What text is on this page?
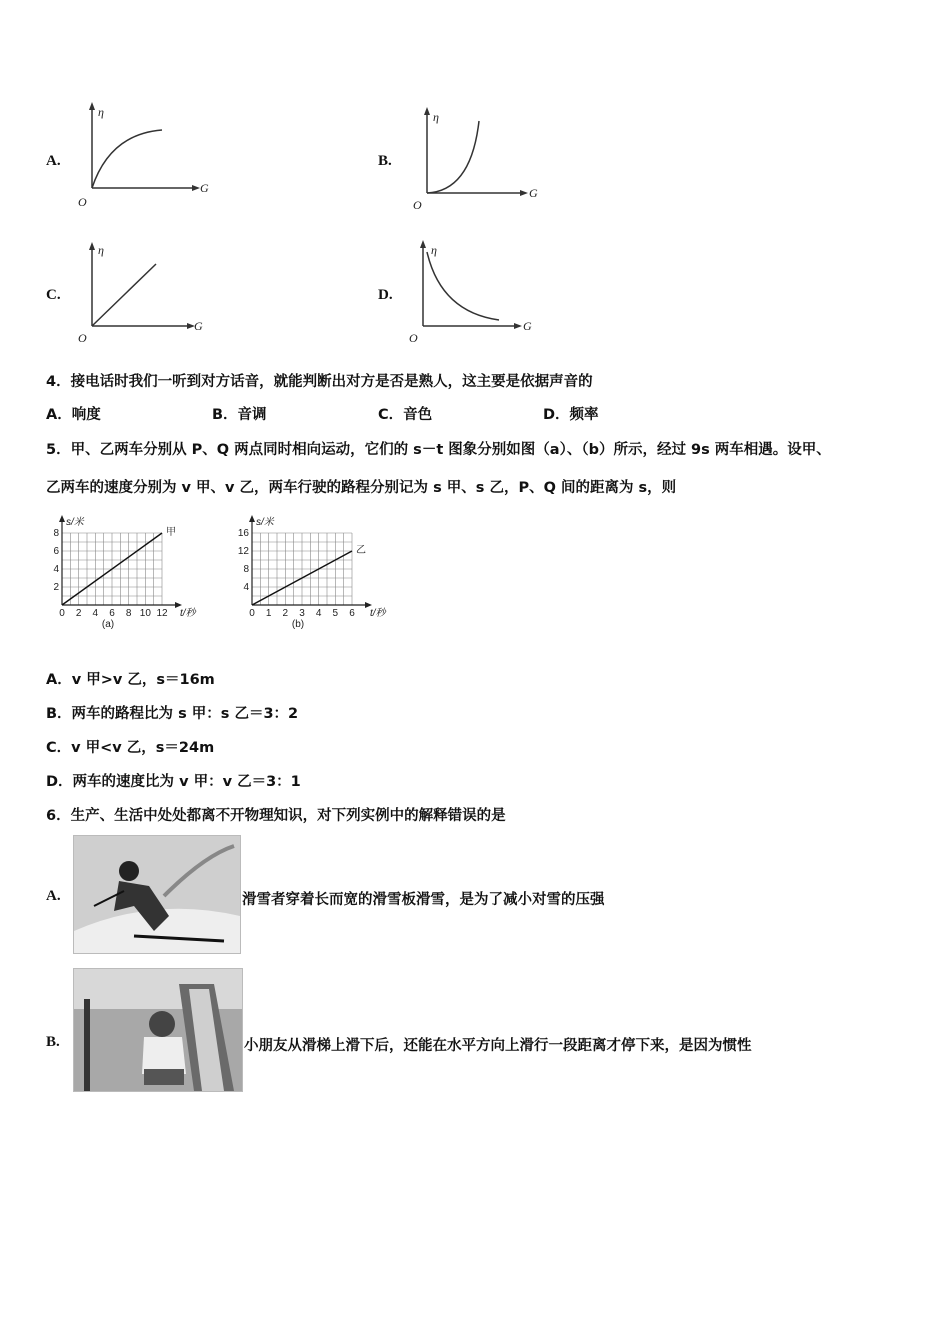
A.
η
G
O
B.
η
G
O
C.
η
G
O
D.
η
G
O
4．接电话时我们一听到对方话音，就能判断出对方是否是熟人，这主要是依据声音的
A．响度	B．音调	C．音色	D．频率
5．甲、乙两车分别从 P、Q 两点同时相向运动，它们的 s－t 图象分别如图（a）、（b）所示，经过 9s 两车相遇。设甲、
乙两车的速度分别为 v 甲、v 乙，两车行驶的路程分别记为 s 甲、s 乙，P、Q 间的距离为 s，则
0 2 4 6 8 10 12
2
4
6
8
t/秒
s/米
甲
(a)
0 1 2 3 4 5 6
4
8
12
16
t/秒
s/米
乙
(b)
A．v 甲>v 乙，s＝16m
B．两车的路程比为 s 甲：s 乙＝3：2
C．v 甲<v 乙，s＝24m
D．两车的速度比为 v 甲：v 乙＝3：1
6．生产、生活中处处都离不开物理知识，对下列实例中的解释错误的是
A.	滑雪者穿着长而宽的滑雪板滑雪，是为了减小对雪的压强
B.	小朋友从滑梯上滑下后，还能在水平方向上滑行一段距离才停下来，是因为惯性
